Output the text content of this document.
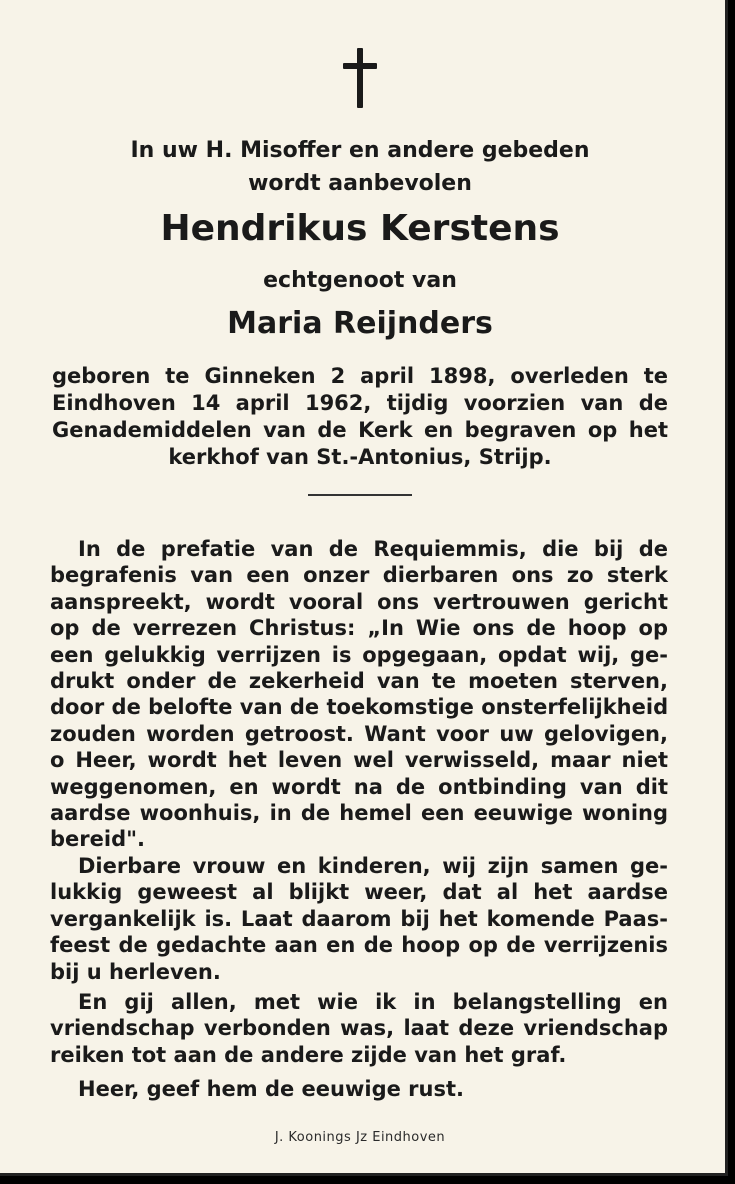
In uw H. Misoffer en andere gebeden
wordt aanbevolen
Hendrikus Kerstens
echtgenoot van
Maria Reijnders
geboren te Ginneken 2 april 1898, overleden te
Eindhoven 14 april 1962, tijdig voorzien van de
Genademiddelen van de Kerk en begraven op het
kerkhof van St.-Antonius, Strijp.
In de prefatie van de Requiemmis, die bij de
begrafenis van een onzer dierbaren ons zo sterk
aanspreekt, wordt vooral ons vertrouwen gericht
op de verrezen Christus: „In Wie ons de hoop op
een gelukkig verrijzen is opgegaan, opdat wij, ge-
drukt onder de zekerheid van te moeten sterven,
door de belofte van de toekomstige onsterfelijkheid
zouden worden getroost. Want voor uw gelovigen,
o Heer, wordt het leven wel verwisseld, maar niet
weggenomen, en wordt na de ontbinding van dit
aardse woonhuis, in de hemel een eeuwige woning
bereid".
Dierbare vrouw en kinderen, wij zijn samen ge-
lukkig geweest al blijkt weer, dat al het aardse
vergankelijk is. Laat daarom bij het komende Paas-
feest de gedachte aan en de hoop op de verrijzenis
bij u herleven.
En gij allen, met wie ik in belangstelling en
vriendschap verbonden was, laat deze vriendschap
reiken tot aan de andere zijde van het graf.
Heer, geef hem de eeuwige rust.
J. Koonings Jz Eindhoven
